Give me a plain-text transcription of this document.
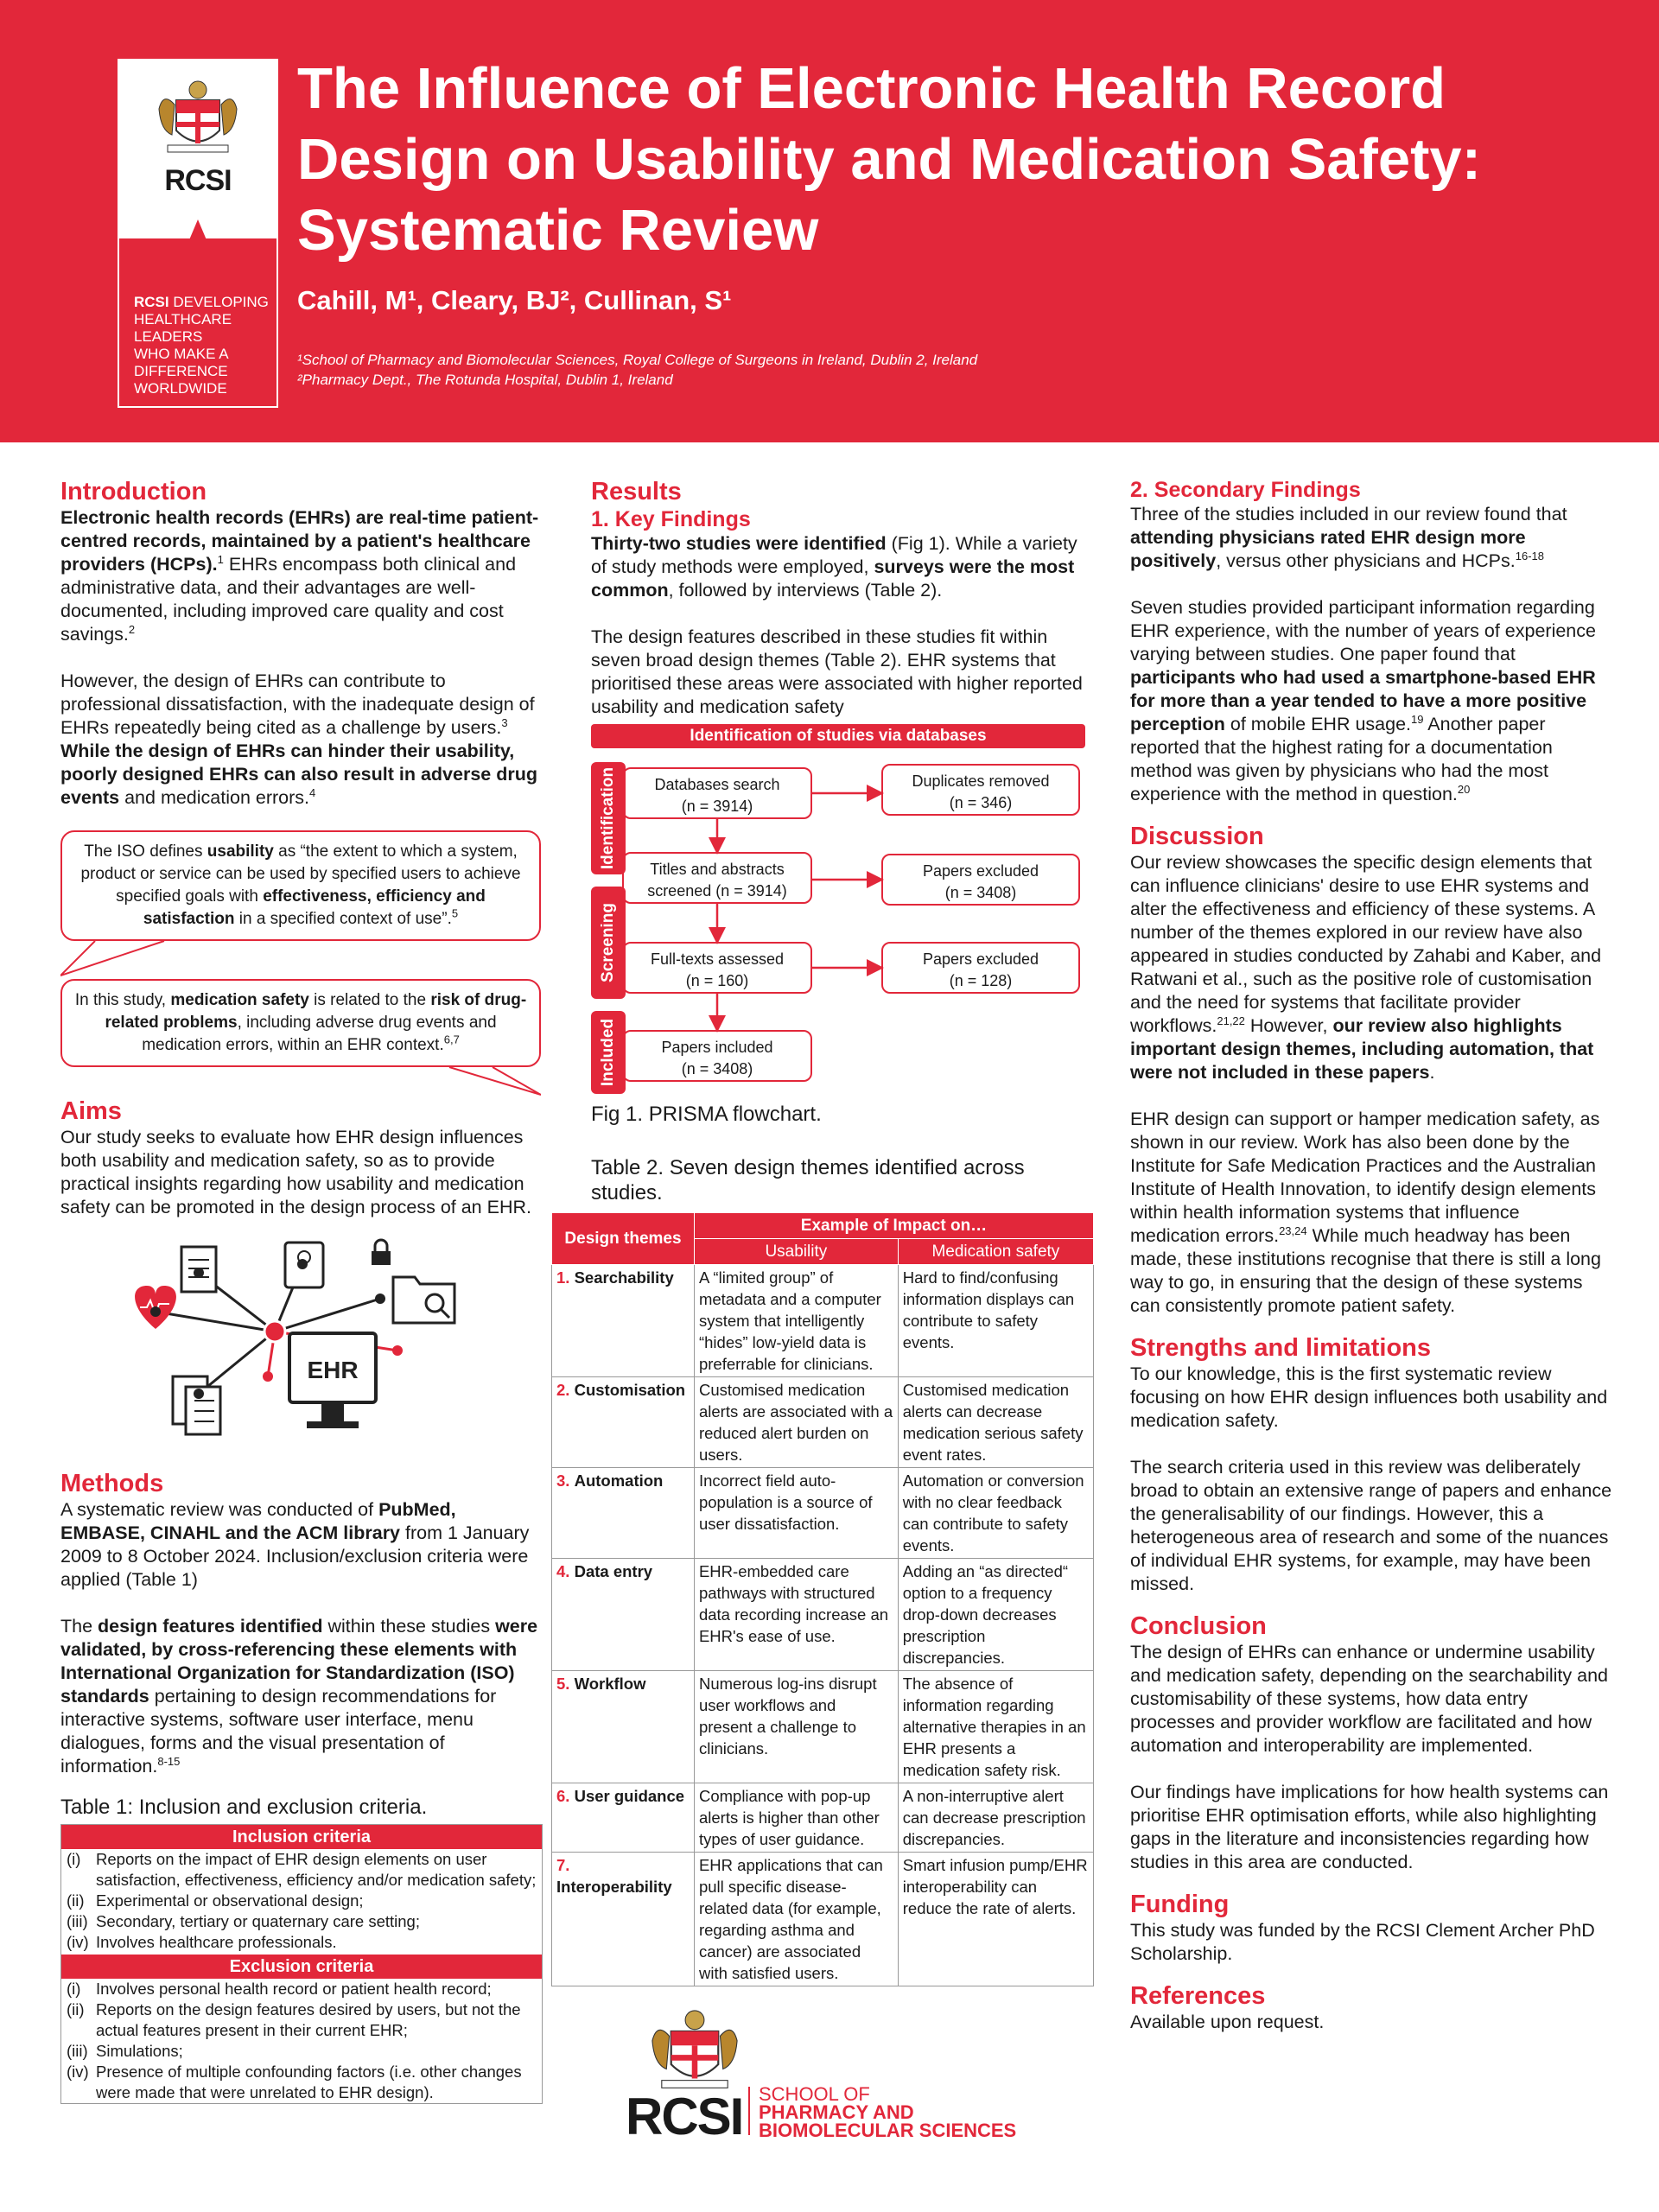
RCSI
RCSI DEVELOPING
HEALTHCARE
LEADERS
WHO MAKE A
DIFFERENCE
WORLDWIDE
The Influence of Electronic Health Record Design on Usability and Medication Safety: Systematic Review
Cahill, M¹, Cleary, BJ², Cullinan, S¹
¹School of Pharmacy and Biomolecular Sciences, Royal College of Surgeons in Ireland, Dublin 2, Ireland
²Pharmacy Dept., The Rotunda Hospital, Dublin 1, Ireland
Introduction

Electronic health records (EHRs) are real-time patient-centred records, maintained by a patient's healthcare providers (HCPs).$^1$ EHRs encompass both clinical and administrative data, and their advantages are well-documented, including improved care quality and cost savings.$^2$

However, the design of EHRs can contribute to professional dissatisfaction, with the inadequate design of EHRs repeatedly being cited as a challenge by users.$^3$ While the design of EHRs can hinder their usability, poorly designed EHRs can also result in adverse drug events and medication errors.$^4$

The ISO defines usability as “the extent to which a system, product or service can be used by specified users to achieve specified goals with effectiveness, efficiency and satisfaction in a specified context of use”.$^5$
In this study, medication safety is related to the risk of drug-related problems, including adverse drug events and medication errors, within an EHR context.$^{6,7}$
Aims

Our study seeks to evaluate how EHR design influences both usability and medication safety, so as to provide practical insights regarding how usability and medication safety can be promoted in the design process of an EHR.

EHR
Methods

A systematic review was conducted of PubMed, EMBASE, CINAHL and the ACM library from 1 January 2009 to 8 October 2024. Inclusion/exclusion criteria were applied (Table 1)

The design features identified within these studies were validated, by cross-referencing these elements with International Organization for Standardization (ISO) standards pertaining to design recommendations for interactive systems, software user interface, menu dialogues, forms and the visual presentation of information.$^{8-15}$

Table 1: Inclusion and exclusion criteria.

Inclusion criteria
(i) Reports on the impact of EHR design elements on user satisfaction, effectiveness, efficiency and/or medication safety;
(ii) Experimental or observational design;
(iii) Secondary, tertiary or quaternary care setting;
(iv) Involves healthcare professionals.
Exclusion criteria
(i) Involves personal health record or patient health record;
(ii) Reports on the design features desired by users, but not the actual features present in their current EHR;
(iii) Simulations;
(iv) Presence of multiple confounding factors (i.e. other changes were made that were unrelated to EHR design).
Results
1. Key Findings

Thirty-two studies were identified (Fig 1). While a variety of study methods were employed, surveys were the most common, followed by interviews (Table 2).

The design features described in these studies fit within seven broad design themes (Table 2). EHR systems that prioritised these areas were associated with higher reported usability and medication safety

Identification of studies via databases
Identification
Screening
Included
Databases search
(n = 3914)
Duplicates removed
(n = 346)
Titles and abstracts
screened (n = 3914)
Papers excluded
(n = 3408)
Full-texts assessed
(n = 160)
Papers excluded
(n = 128)
Papers included
(n = 3408)

Fig 1. PRISMA flowchart.

Table 2. Seven design themes identified across studies.

Design themes	Example of Impact on…	
	Usability	Medication safety
1. Searchability	A “limited group” of metadata and a computer system that intelligently “hides” low-yield data is preferrable for clinicians.	Hard to find/confusing information displays can contribute to safety events.
2. Customisation	Customised medication alerts are associated with a reduced alert burden on users.	Customised medication alerts can decrease medication serious safety event rates.
3. Automation	Incorrect field auto-population is a source of user dissatisfaction.	Automation or conversion with no clear feedback can contribute to safety events.
4. Data entry	EHR-embedded care pathways with structured data recording increase an EHR's ease of use.	Adding an “as directed“ option to a frequency drop-down decreases prescription discrepancies.
5. Workflow	Numerous log-ins disrupt user workflows and present a challenge to clinicians.	The absence of information regarding alternative therapies in an EHR presents a medication safety risk.
6. User guidance	Compliance with pop-up alerts is higher than other types of user guidance.	A non-interruptive alert can decrease prescription discrepancies.
7. Interoperability	EHR applications that can pull specific disease-related data (for example, regarding asthma and cancer) are associated with satisfied users.	Smart infusion pump/EHR interoperability can reduce the rate of alerts.
RCSI SCHOOL OF
PHARMACY AND
BIOMOLECULAR SCIENCES
2. Secondary Findings

Three of the studies included in our review found that attending physicians rated EHR design more positively, versus other physicians and HCPs.$^{16-18}$

Seven studies provided participant information regarding EHR experience, with the number of years of experience varying between studies. One paper found that participants who had used a smartphone-based EHR for more than a year tended to have a more positive perception of mobile EHR usage.$^{19}$ Another paper reported that the highest rating for a documentation method was given by physicians who had the most experience with the method in question.$^{20}$

Discussion

Our review showcases the specific design elements that can influence clinicians' desire to use EHR systems and alter the effectiveness and efficiency of these systems. A number of the themes explored in our review have also appeared in studies conducted by Zahabi and Kaber, and Ratwani et al., such as the positive role of customisation and the need for systems that facilitate provider workflows.$^{21,22}$ However, our review also highlights important design themes, including automation, that were not included in these papers.

EHR design can support or hamper medication safety, as shown in our review. Work has also been done by the Institute for Safe Medication Practices and the Australian Institute of Health Innovation, to identify design elements within health information systems that influence medication errors.$^{23,24}$ While much headway has been made, these institutions recognise that there is still a long way to go, in ensuring that the design of these systems can consistently promote patient safety.

Strengths and limitations

To our knowledge, this is the first systematic review focusing on how EHR design influences both usability and medication safety.

The search criteria used in this review was deliberately broad to obtain an extensive range of papers and enhance the generalisability of our findings. However, this a heterogeneous area of research and some of the nuances of individual EHR systems, for example, may have been missed.

Conclusion

The design of EHRs can enhance or undermine usability and medication safety, depending on the searchability and customisability of these systems, how data entry processes and provider workflow are facilitated and how automation and interoperability are implemented.

Our findings have implications for how health systems can prioritise EHR optimisation efforts, while also highlighting gaps in the literature and inconsistencies regarding how studies in this area are conducted.

Funding

This study was funded by the RCSI Clement Archer PhD Scholarship.

References

Available upon request.
